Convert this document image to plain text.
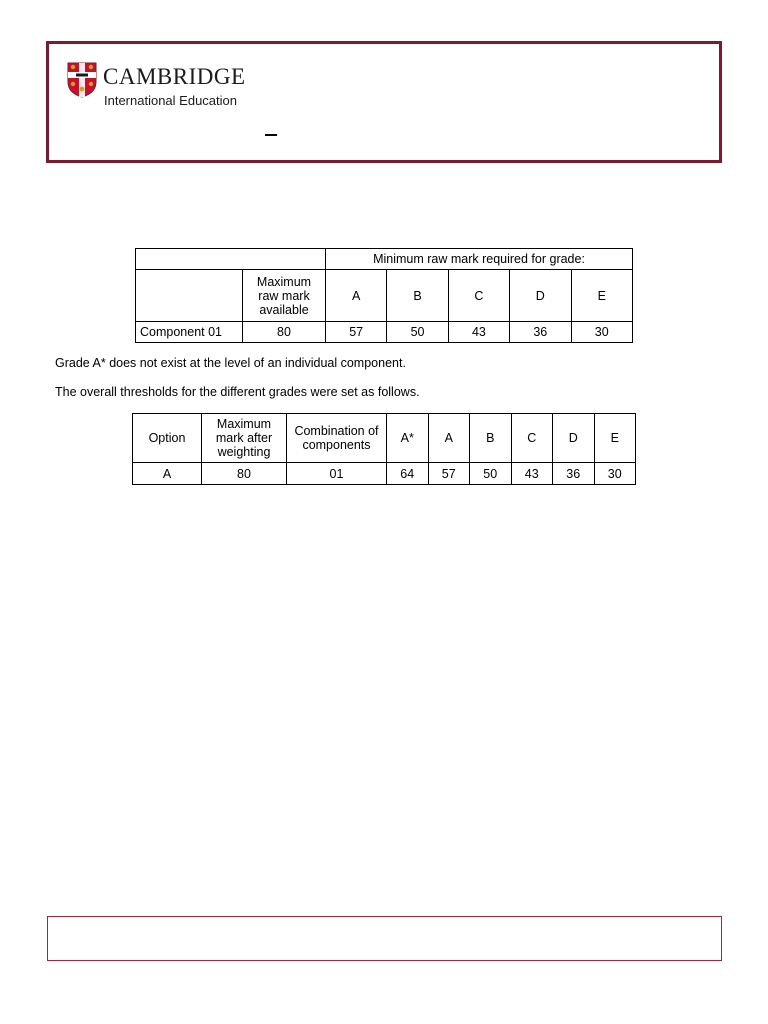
CAMBRIDGE
International Education
		Minimum raw mark required for grade:				
	Maximum raw mark available	A	B	C	D	E
Component 01	80	57	50	43	36	30
Grade A* does not exist at the level of an individual component.
The overall thresholds for the different grades were set as follows.
Option	Maximum mark after weighting	Combination of components	A*	A	B	C	D	E
A	80	01	64	57	50	43	36	30
